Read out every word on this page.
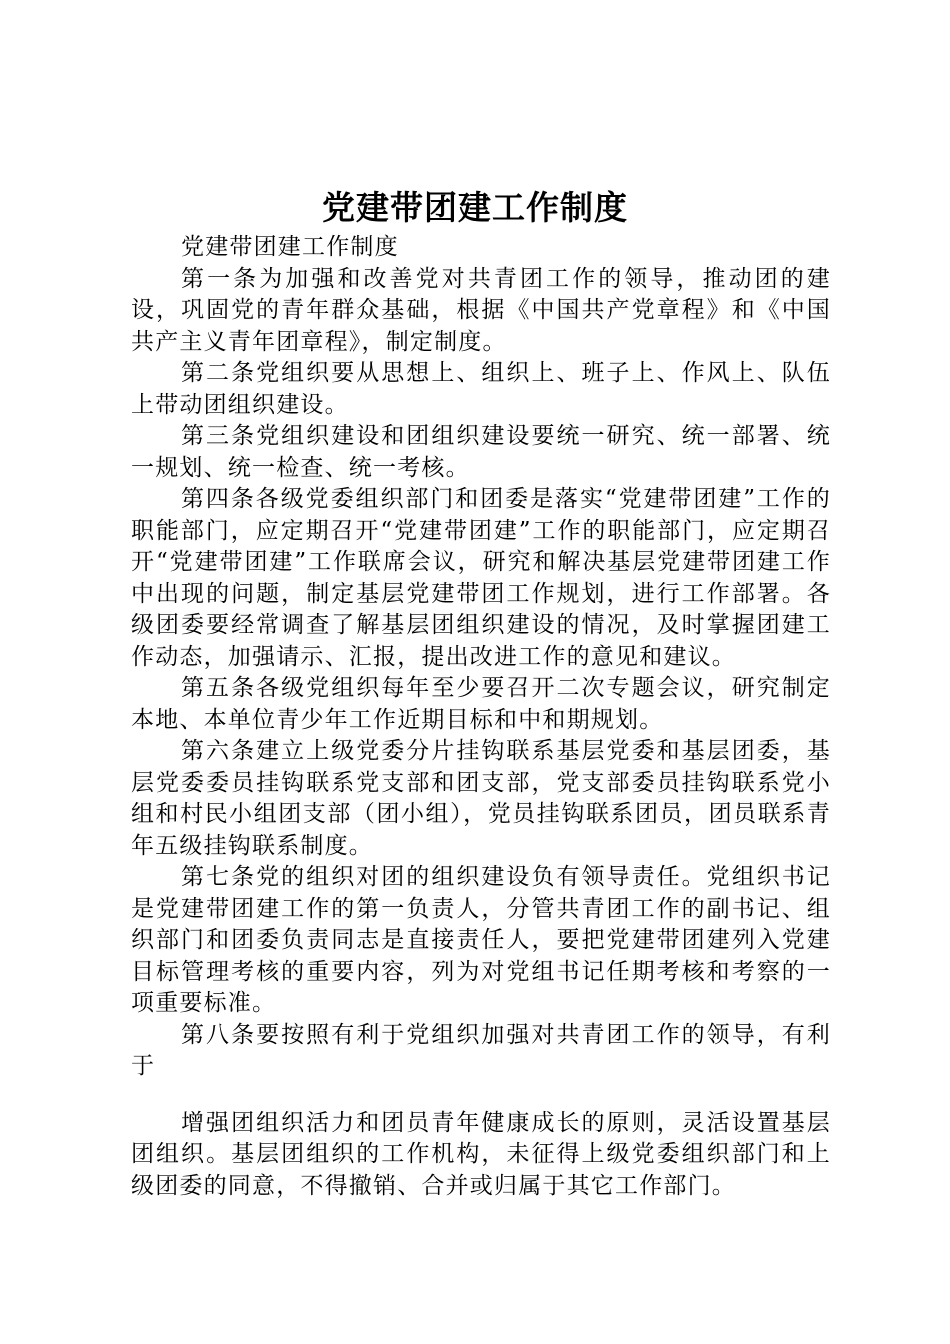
党建带团建工作制度

党建带团建工作制度

第一条为加强和改善党对共青团工作的领导，推动团的建设，巩固党的青年群众基础，根据《中国共产党章程》和《中国共产主义青年团章程》，制定制度。

第二条党组织要从思想上、组织上、班子上、作风上、队伍上带动团组织建设。

第三条党组织建设和团组织建设要统一研究、统一部署、统一规划、统一检查、统一考核。

第四条各级党委组织部门和团委是落实“党建带团建”工作的职能部门，应定期召开“党建带团建”工作的职能部门，应定期召开“党建带团建”工作联席会议，研究和解决基层党建带团建工作中出现的问题，制定基层党建带团工作规划，进行工作部署。各级团委要经常调查了解基层团组织建设的情况，及时掌握团建工作动态，加强请示、汇报，提出改进工作的意见和建议。

第五条各级党组织每年至少要召开二次专题会议，研究制定本地、本单位青少年工作近期目标和中和期规划。

第六条建立上级党委分片挂钩联系基层党委和基层团委，基层党委委员挂钩联系党支部和团支部，党支部委员挂钩联系党小组和村民小组团支部（团小组），党员挂钩联系团员，团员联系青年五级挂钩联系制度。

第七条党的组织对团的组织建设负有领导责任。党组织书记是党建带团建工作的第一负责人，分管共青团工作的副书记、组织部门和团委负责同志是直接责任人，要把党建带团建列入党建目标管理考核的重要内容，列为对党组书记任期考核和考察的一项重要标准。

第八条要按照有利于党组织加强对共青团工作的领导，有利于

增强团组织活力和团员青年健康成长的原则，灵活设置基层团组织。基层团组织的工作机构，未征得上级党委组织部门和上级团委的同意，不得撤销、合并或归属于其它工作部门。
